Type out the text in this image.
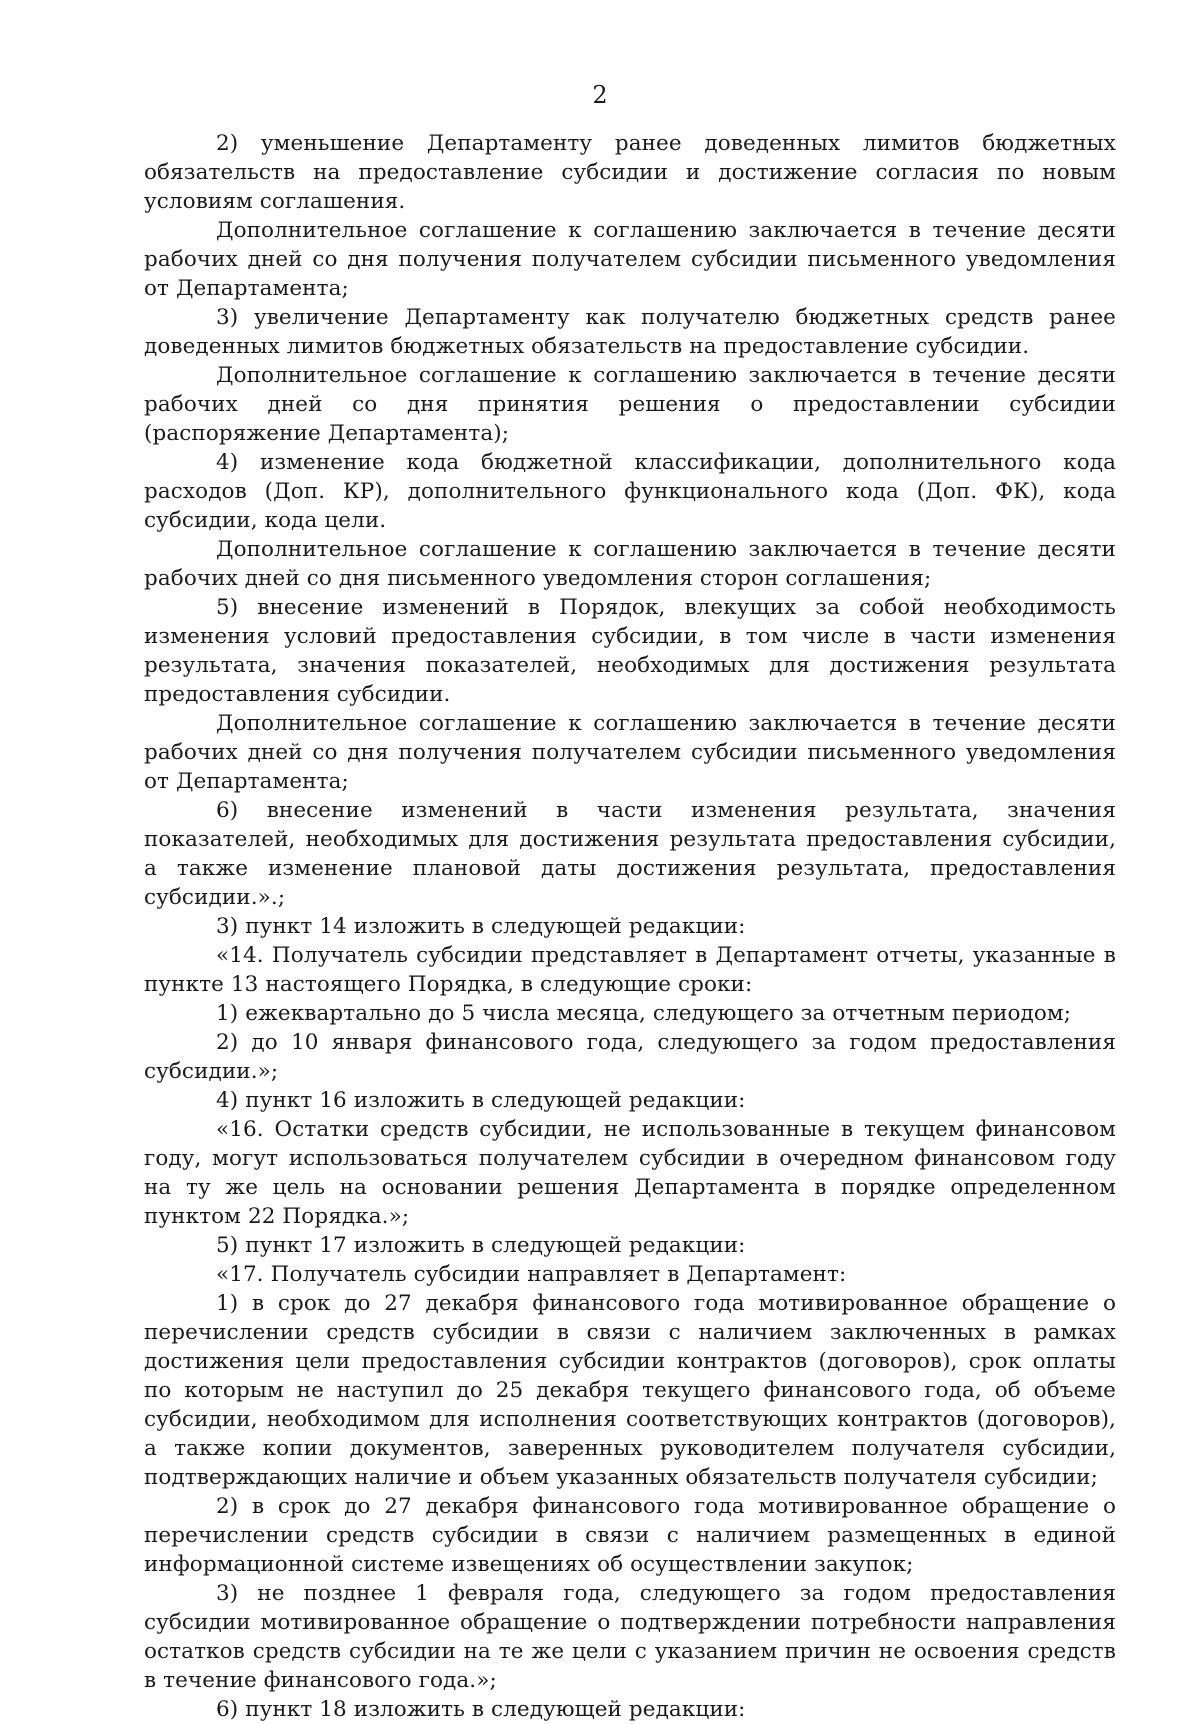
2

2) уменьшение Департаменту ранее доведенных лимитов бюджетных обязательств на предоставление субсидии и достижение согласия по новым условиям соглашения.

Дополнительное соглашение к соглашению заключается в течение десяти рабочих дней со дня получения получателем субсидии письменного уведомления от Департамента;

3) увеличение Департаменту как получателю бюджетных средств ранее доведенных лимитов бюджетных обязательств на предоставление субсидии.

Дополнительное соглашение к соглашению заключается в течение десяти рабочих дней со дня принятия решения о предоставлении субсидии (распоряжение Департамента);

4) изменение кода бюджетной классификации, дополнительного кода расходов (Доп. КР), дополнительного функционального кода (Доп. ФК), кода субсидии, кода цели.

Дополнительное соглашение к соглашению заключается в течение десяти рабочих дней со дня письменного уведомления сторон соглашения;

5) внесение изменений в Порядок, влекущих за собой необходимость изменения условий предоставления субсидии, в том числе в части изменения результата, значения показателей, необходимых для достижения результата предоставления субсидии.

Дополнительное соглашение к соглашению заключается в течение десяти рабочих дней со дня получения получателем субсидии письменного уведомления от Департамента;

6) внесение изменений в части изменения результата, значения показателей, необходимых для достижения результата предоставления субсидии, а также изменение плановой даты достижения результата, предоставления субсидии.».;

3) пункт 14 изложить в следующей редакции:

«14. Получатель субсидии представляет в Департамент отчеты, указанные в пункте 13 настоящего Порядка, в следующие сроки:

1) ежеквартально до 5 числа месяца, следующего за отчетным периодом;

2) до 10 января финансового года, следующего за годом предоставления субсидии.»;

4) пункт 16 изложить в следующей редакции:

«16. Остатки средств субсидии, не использованные в текущем финансовом году, могут использоваться получателем субсидии в очередном финансовом году на ту же цель на основании решения Департамента в порядке определенном пунктом 22 Порядка.»;

5) пункт 17 изложить в следующей редакции:

«17. Получатель субсидии направляет в Департамент:

1) в срок до 27 декабря финансового года мотивированное обращение о перечислении средств субсидии в связи с наличием заключенных в рамках достижения цели предоставления субсидии контрактов (договоров), срок оплаты по которым не наступил до 25 декабря текущего финансового года, об объеме субсидии, необходимом для исполнения соответствующих контрактов (договоров), а также копии документов, заверенных руководителем получателя субсидии, подтверждающих наличие и объем указанных обязательств получателя субсидии;

2) в срок до 27 декабря финансового года мотивированное обращение о перечислении средств субсидии в связи с наличием размещенных в единой информационной системе извещениях об осуществлении закупок;

3) не позднее 1 февраля года, следующего за годом предоставления субсидии мотивированное обращение о подтверждении потребности направления остатков средств субсидии на те же цели с указанием причин не освоения средств в течение финансового года.»;

6) пункт 18 изложить в следующей редакции:
